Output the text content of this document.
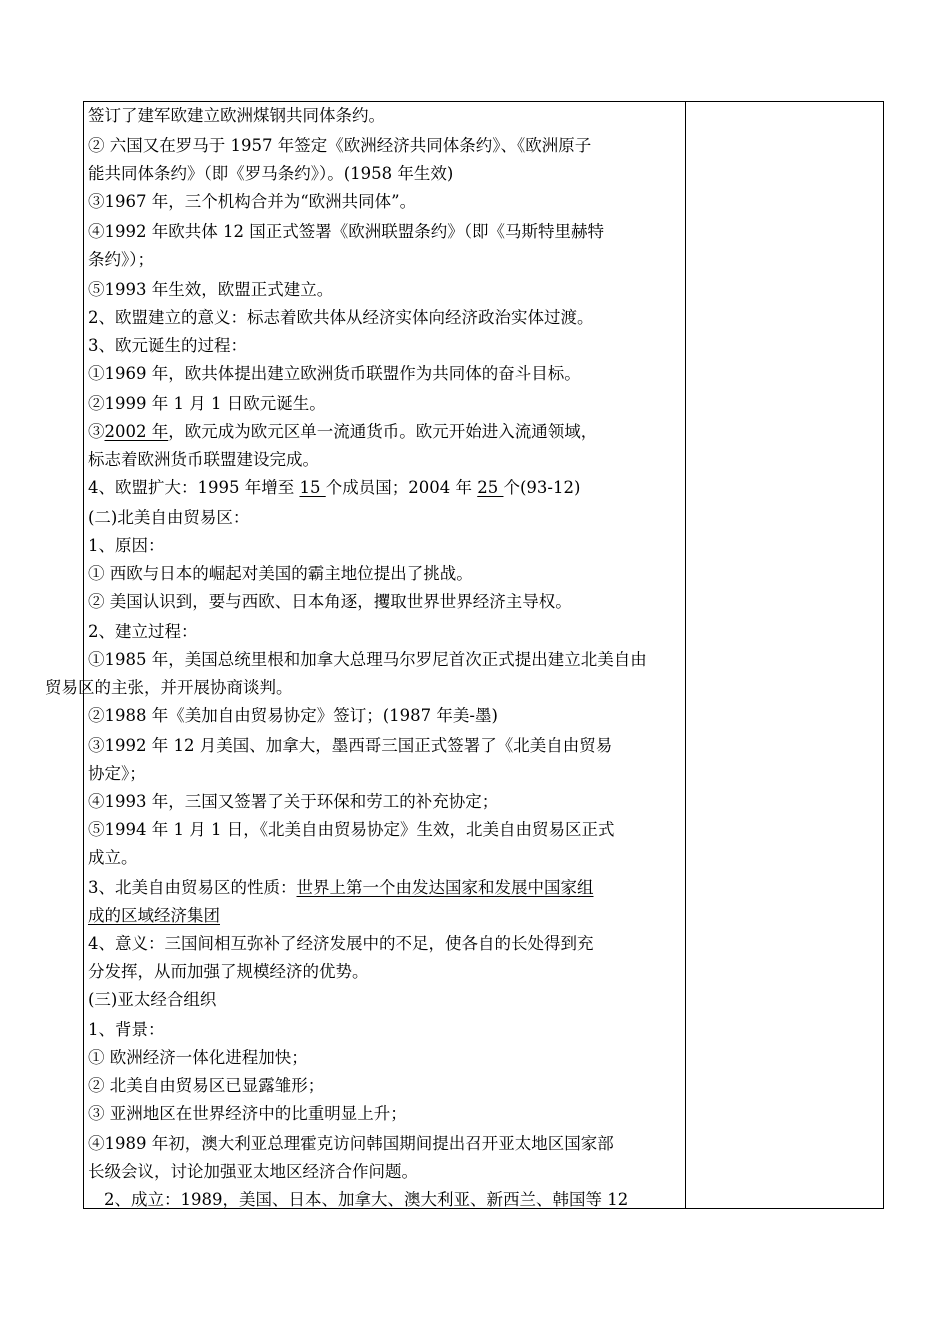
签订了建军欧建立欧洲煤钢共同体条约。
② 六国又在罗马于 1957 年签定《欧洲经济共同体条约》、《欧洲原子
能共同体条约》（即《罗马条约》）。(1958 年生效)
③1967 年，三个机构合并为“欧洲共同体”。
④1992 年欧共体 12 国正式签署《欧洲联盟条约》（即《马斯特里赫特
条约》）；
⑤1993 年生效，欧盟正式建立。
2、欧盟建立的意义：标志着欧共体从经济实体向经济政治实体过渡。
3、欧元诞生的过程：
①1969 年，欧共体提出建立欧洲货币联盟作为共同体的奋斗目标。
②1999 年 1 月 1 日欧元诞生。
③2002 年，欧元成为欧元区单一流通货币。欧元开始进入流通领域，
标志着欧洲货币联盟建设完成。
4、欧盟扩大：1995 年增至 15 个成员国；2004 年 25 个(93-12)
(二)北美自由贸易区：
1、原因：
① 西欧与日本的崛起对美国的霸主地位提出了挑战。
② 美国认识到，要与西欧、日本角逐，攫取世界世界经济主导权。
2、建立过程：
①1985 年，美国总统里根和加拿大总理马尔罗尼首次正式提出建立北美自由
贸易区的主张，并开展协商谈判。
②1988 年《美加自由贸易协定》签订；(1987 年美-墨)
③1992 年 12 月美国、加拿大，墨西哥三国正式签署了《北美自由贸易
协定》；
④1993 年，三国又签署了关于环保和劳工的补充协定；
⑤1994 年 1 月 1 日，《北美自由贸易协定》生效，北美自由贸易区正式
成立。
3、北美自由贸易区的性质：世界上第一个由发达国家和发展中国家组
成的区域经济集团
4、意义：三国间相互弥补了经济发展中的不足，使各自的长处得到充
分发挥，从而加强了规模经济的优势。
(三)亚太经合组织
1、背景：
① 欧洲经济一体化进程加快；
② 北美自由贸易区已显露雏形；
③ 亚洲地区在世界经济中的比重明显上升；
④1989 年初，澳大利亚总理霍克访问韩国期间提出召开亚太地区国家部
长级会议，讨论加强亚太地区经济合作问题。
2、成立：1989，美国、日本、加拿大、澳大利亚、新西兰、韩国等 12
